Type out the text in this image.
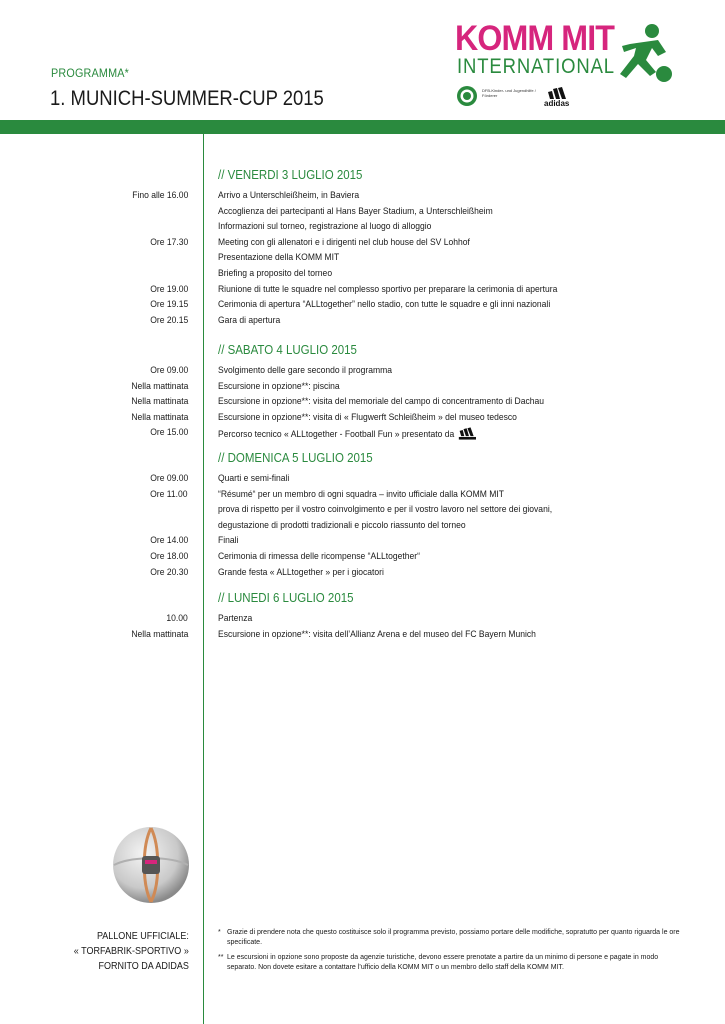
PROGRAMMA*
1. MUNICH-SUMMER-CUP 2015
KOMM MIT
INTERNATIONAL
DFB-Kinder- und Jugendhilfe / Förderer
adidas
// VENERDI 3 LUGLIO 2015
Fino alle 16.00	Arrivo a Unterschleißheim, in Baviera
Accoglienza dei partecipanti al Hans Bayer Stadium, a Unterschleißheim
Informazioni sul torneo, registrazione al luogo di alloggio
Ore 17.30	Meeting con gli allenatori e i dirigenti nel club house del SV Lohhof
Presentazione della KOMM MIT
Briefing a proposito del torneo
Ore 19.00	Riunione di tutte le squadre nel complesso sportivo per preparare la cerimonia di apertura
Ore 19.15	Cerimonia di apertura “ALLtogether” nello stadio, con tutte le squadre e gli inni nazionali
Ore 20.15	Gara di apertura
// SABATO 4 LUGLIO 2015
Ore 09.00	Svolgimento delle gare secondo il programma
Nella mattinata	Escursione in opzione**: piscina
Nella mattinata	Escursione in opzione**: visita del memoriale del campo di concentramento di Dachau
Nella mattinata	Escursione in opzione**: visita di « Flugwerft Schleißheim » del museo tedesco
Ore 15.00	Percorso tecnico « ALLtogether - Football Fun » presentato da
// DOMENICA 5 LUGLIO 2015
Ore 09.00	Quarti e semi-finali
Ore 11.00	“Résumé“ per un membro di ogni squadra – invito ufficiale dalla KOMM MIT
prova di rispetto per il vostro coinvolgimento e per il vostro lavoro nel settore dei giovani,
degustazione di prodotti tradizionali e piccolo riassunto del torneo
Ore 14.00	Finali
Ore 18.00	Cerimonia di rimessa delle ricompense “ALLtogether“
Ore 20.30	Grande festa « ALLtogether » per i giocatori
// LUNEDI 6 LUGLIO 2015
10.00	Partenza
Nella mattinata	Escursione in opzione**: visita dell’Allianz Arena e del museo del FC Bayern Munich
PALLONE UFFICIALE:
« TORFABRIK-SPORTIVO »
FORNITO DA ADIDAS
* Grazie di prendere nota che questo costituisce solo il programma previsto, possiamo portare delle modifiche, sopratutto per quanto riguarda le ore specificate.
** Le escursioni in opzione sono proposte da agenzie turistiche, devono essere prenotate a partire da un minimo di persone e pagate in modo separato. Non dovete esitare a contattare l’ufficio della KOMM MIT o un membro dello staff della KOMM MIT.
